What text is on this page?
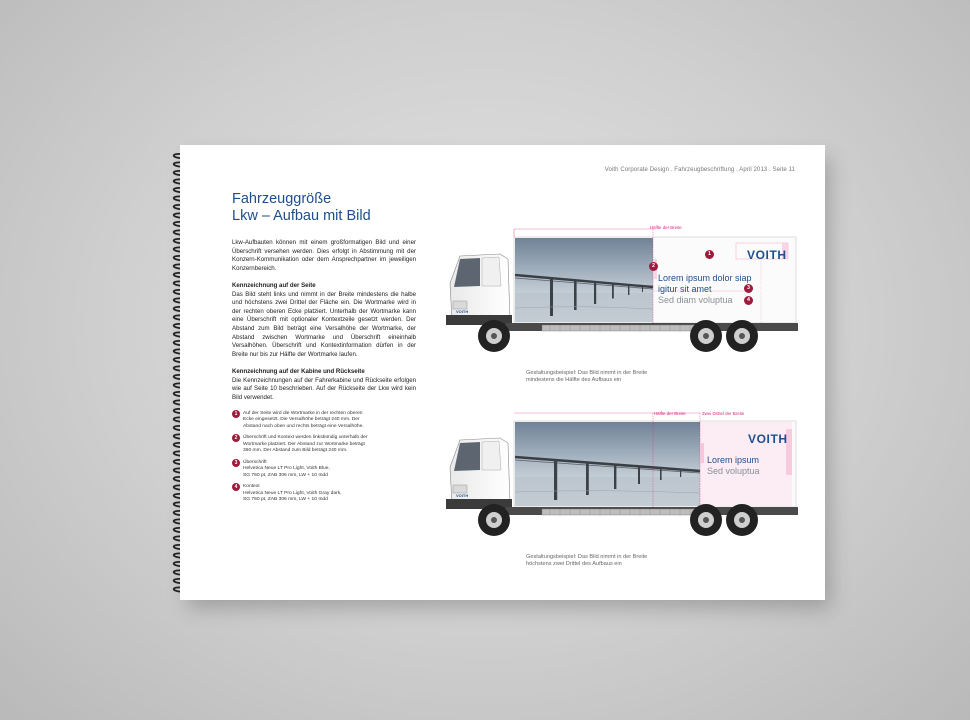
Voith Corporate Design . Fahrzeugbeschriftung . April 2013 . Seite 11
Fahrzeuggröße
Lkw – Aufbau mit Bild

Lkw-Aufbauten können mit einem großformatigen Bild und einer Überschrift versehen werden. Dies erfolgt in Abstimmung mit der Konzern-Kommunikation oder dem Ansprechpartner im jeweiligen Konzernbereich.

Kennzeichnung auf der Seite
Das Bild steht links und nimmt in der Breite mindestens die halbe und höchstens zwei Drittel der Fläche ein. Die Wortmarke wird in der rechten oberen Ecke platziert. Unterhalb der Wortmarke kann eine Überschrift mit optionaler Kontextzeile gesetzt werden. Der Abstand zum Bild beträgt eine Versalhöhe der Wortmarke, der Abstand zwischen Wortmarke und Überschrift eineinhalb Versalhöhen. Überschrift und Kontextinformation dürfen in der Breite nur bis zur Hälfte der Wortmarke laufen.

Kennzeichnung auf der Kabine und Rückseite
Die Kennzeichnungen auf der Fahrerkabine und Rückseite erfolgen wie auf Seite 10 beschrieben. Auf der Rückseite der Lkw wird kein Bild verwendet.

1	Auf der Seite wird die Wortmarke in der rechten oberen
Ecke eingesetzt. Die Versalhöhe beträgt 240 mm. Der
Abstand nach oben und rechts beträgt eine Versalhöhe.
2	Überschrift und Kontext werden linksbündig unterhalb der
Wortmarke platziert. Der Abstand zur Wortmarke beträgt
360 mm. Der Abstand zum Bild beträgt 240 mm.
3	Überschrift
Helvetica Neue LT Pro Light, Voith Blue,
SG 760 pt, ZAB 306 mm, LW + 10 Indd
4	Kontext
Helvetica Neue LT Pro Light, Voith Gray dark,
SG 760 pt, ZAB 306 mm, LW + 10 Indd
VOITH
Hälfte der Breite
VOITH
1
2
3
4
Lorem ipsum dolor siap
igitur sit amet
Sed diam voluptua
Gestaltungsbeispiel: Das Bild nimmt in der Breite
mindestens die Hälfte des Aufbaus ein
VOITH
Hälfte der Breite	Zwei Drittel der Breite
VOITH
Lorem ipsum
Sed voluptua
Gestaltungsbeispiel: Das Bild nimmt in der Breite
höchstens zwei Drittel des Aufbaus ein
